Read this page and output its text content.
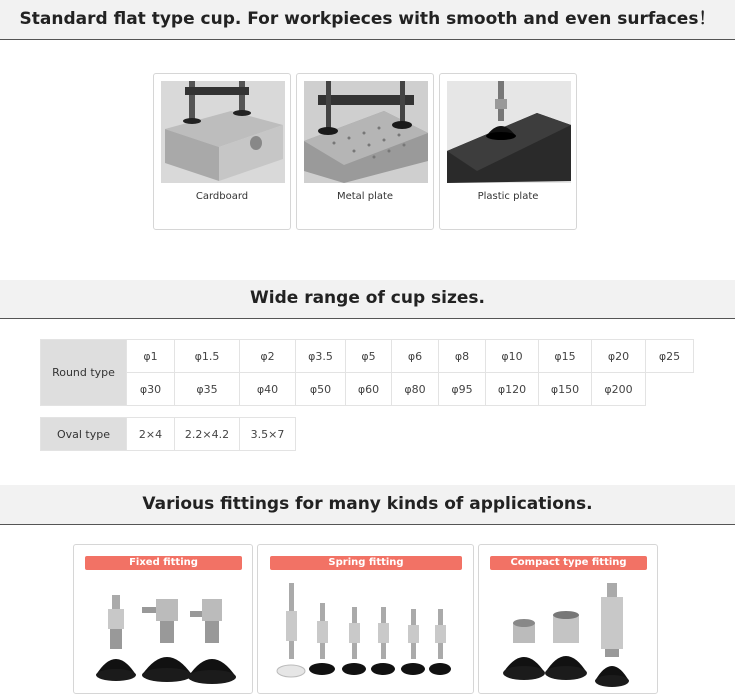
Standard flat type cup. For workpieces with smooth and even surfaces！
Cardboard	Metal plate	Plastic plate
Wide range of cup sizes.
Round type	φ1	φ1.5	φ2	φ3.5	φ5	φ6	φ8	φ10	φ15	φ20	φ25
	φ30	φ35	φ40	φ50	φ60	φ80	φ95	φ120	φ150	φ200	
Oval type	2×4	2.2×4.2	3.5×7
Various fittings for many kinds of applications.
Fixed fitting	Spring fitting	Compact type fitting
